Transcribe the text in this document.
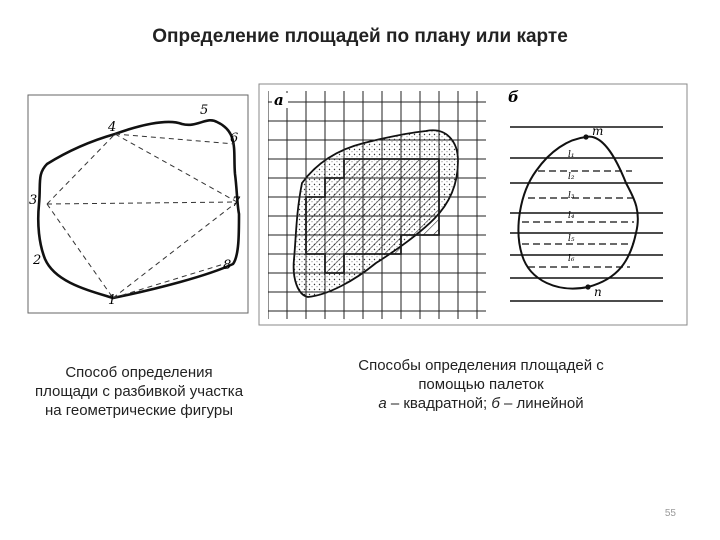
Определение площадей по плану или карте
1
2
3
4
5
6
7
8
а	б
m
n
l₁
l₂
l₃
l₄
l₅
l₆
Способ определения
площади с разбивкой участка
на геометрические фигуры
Способы определения площадей с
помощью палеток
а – квадратной; б – линейной
55
